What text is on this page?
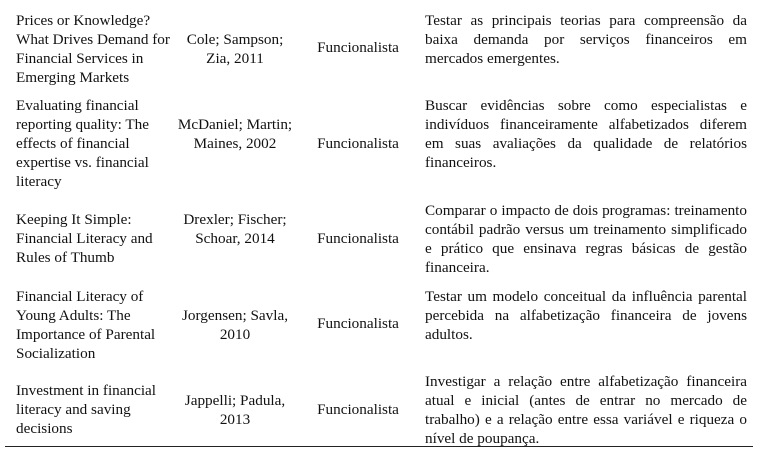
Prices or Knowledge? What Drives Demand for Financial Services in Emerging Markets
Cole; Sampson; Zia, 2011
Funcionalista
Testar as principais teorias para compreensão da baixa demanda por serviços financeiros em mercados emergentes.
Evaluating financial reporting quality: The effects of financial expertise vs. financial literacy
McDaniel; Martin; Maines, 2002	Funcionalista
Buscar evidências sobre como especialistas e indivíduos financeiramente alfabetizados diferem em suas avaliações da qualidade de relatórios financeiros.
Keeping It Simple: Financial Literacy and Rules of Thumb
Drexler; Fischer; Schoar, 2014	Funcionalista
Comparar o impacto de dois programas: treinamento contábil padrão versus um treinamento simplificado e prático que ensinava regras básicas de gestão financeira.
Financial Literacy of Young Adults: The Importance of Parental Socialization
Jorgensen; Savla, 2010
Funcionalista
Testar um modelo conceitual da influência parental percebida na alfabetização financeira de jovens adultos.
Investment in financial literacy and saving decisions
Jappelli; Padula, 2013
Funcionalista
Investigar a relação entre alfabetização financeira atual e inicial (antes de entrar no mercado de trabalho) e a relação entre essa variável e riqueza o nível de poupança.
